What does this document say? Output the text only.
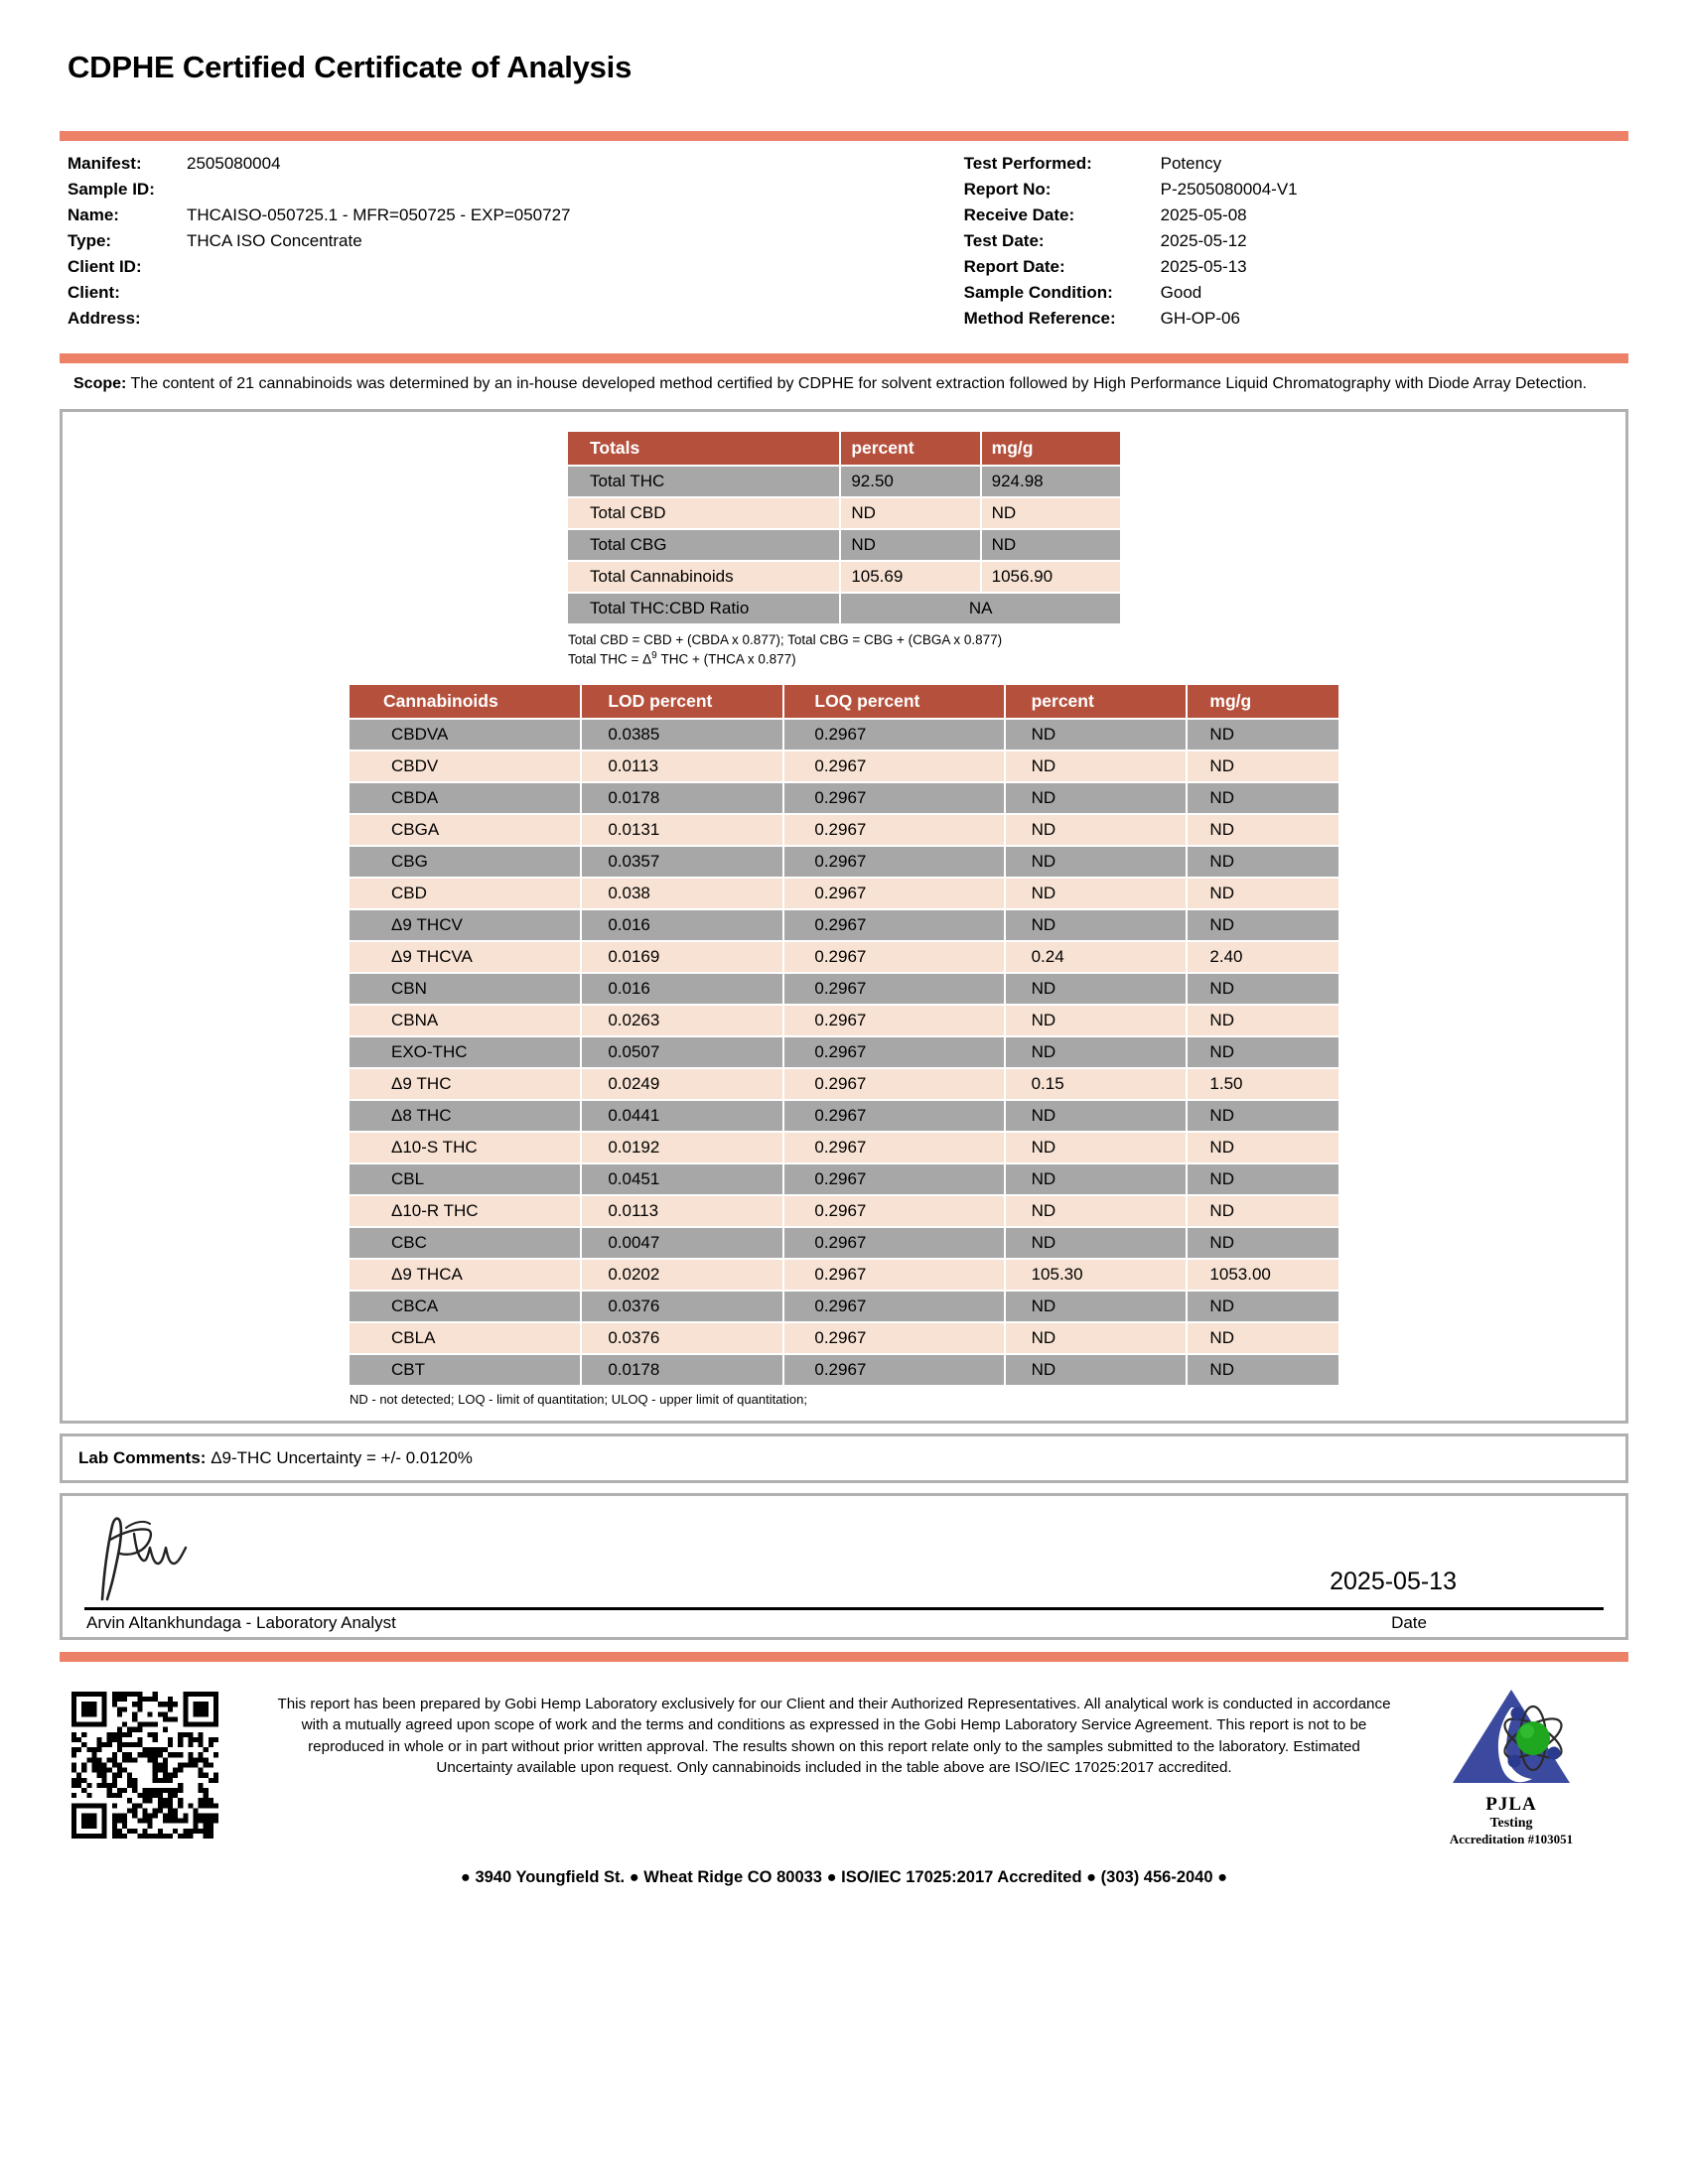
CDPHE Certified Certificate of Analysis
Manifest:	2505080004
Sample ID:
Name:	THCAISO-050725.1 - MFR=050725 - EXP=050727
Type:	THCA ISO Concentrate
Client ID:
Client:
Address:
Test Performed:	Potency
Report No:	P-2505080004-V1
Receive Date:	2025-05-08
Test Date:	2025-05-12
Report Date:	2025-05-13
Sample Condition:	Good
Method Reference:	GH-OP-06
Scope: The content of 21 cannabinoids was determined by an in-house developed method certified by CDPHE for solvent extraction followed by High Performance Liquid Chromatography with Diode Array Detection.
Totals	percent	mg/g
Total THC	92.50	924.98
Total CBD	ND	ND
Total CBG	ND	ND
Total Cannabinoids	105.69	1056.90
Total THC:CBD Ratio	NA	
Total CBD = CBD + (CBDA x 0.877); Total CBG = CBG + (CBGA x 0.877)
Total THC = $\Delta^9$ THC + (THCA x 0.877)
Cannabinoids	LOD percent	LOQ percent	percent	mg/g
CBDVA	0.0385	0.2967	ND	ND
CBDV	0.0113	0.2967	ND	ND
CBDA	0.0178	0.2967	ND	ND
CBGA	0.0131	0.2967	ND	ND
CBG	0.0357	0.2967	ND	ND
CBD	0.038	0.2967	ND	ND
Δ9 THCV	0.016	0.2967	ND	ND
Δ9 THCVA	0.0169	0.2967	0.24	2.40
CBN	0.016	0.2967	ND	ND
CBNA	0.0263	0.2967	ND	ND
EXO-THC	0.0507	0.2967	ND	ND
Δ9 THC	0.0249	0.2967	0.15	1.50
Δ8 THC	0.0441	0.2967	ND	ND
Δ10-S THC	0.0192	0.2967	ND	ND
CBL	0.0451	0.2967	ND	ND
Δ10-R THC	0.0113	0.2967	ND	ND
CBC	0.0047	0.2967	ND	ND
Δ9 THCA	0.0202	0.2967	105.30	1053.00
CBCA	0.0376	0.2967	ND	ND
CBLA	0.0376	0.2967	ND	ND
CBT	0.0178	0.2967	ND	ND
ND - not detected; LOQ - limit of quantitation; ULOQ - upper limit of quantitation;
Lab Comments: Δ9-THC Uncertainty = +/- 0.0120%
2025-05-13
Arvin Altankhundaga - Laboratory Analyst	Date
This report has been prepared by Gobi Hemp Laboratory exclusively for our Client and their Authorized Representatives. All analytical work is conducted in accordance with a mutually agreed upon scope of work and the terms and conditions as expressed in the Gobi Hemp Laboratory Service Agreement. This report is not to be reproduced in whole or in part without prior written approval. The results shown on this report relate only to the samples submitted to the laboratory. Estimated Uncertainty available upon request. Only cannabinoids included in the table above are ISO/IEC 17025:2017 accredited.
PJLA
Testing
Accreditation #103051
● 3940 Youngfield St. ● Wheat Ridge CO 80033 ● ISO/IEC 17025:2017 Accredited ● (303) 456-2040 ●
